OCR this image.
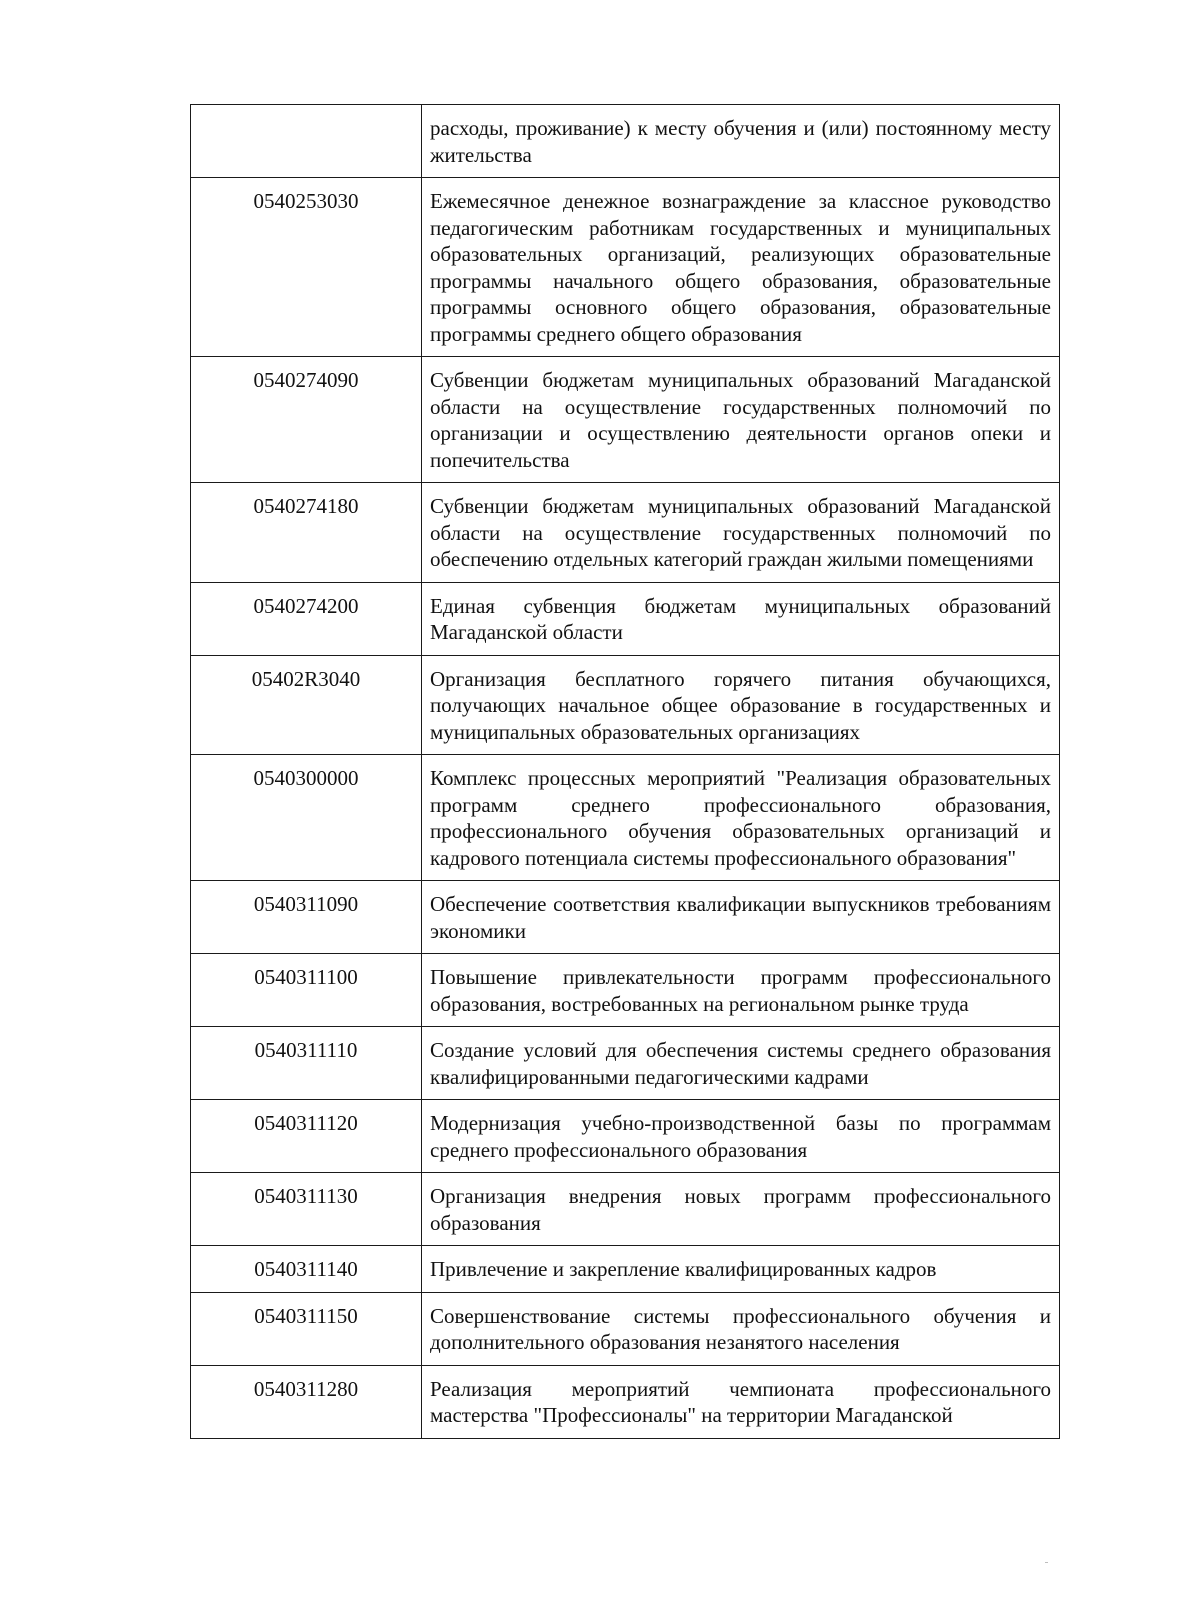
	расходы, проживание) к месту обучения и (или) постоянному месту жительства
0540253030	Ежемесячное денежное вознаграждение за классное руководство педагогическим работникам государственных и муниципальных образовательных организаций, реализующих образовательные программы начального общего образования, образовательные программы основного общего образования, образовательные программы среднего общего образования
0540274090	Субвенции бюджетам муниципальных образований Магаданской области на осуществление государственных полномочий по организации и осуществлению деятельности органов опеки и попечительства
0540274180	Субвенции бюджетам муниципальных образований Магаданской области на осуществление государственных полномочий по обеспечению отдельных категорий граждан жилыми помещениями
0540274200	Единая субвенция бюджетам муниципальных образований Магаданской области
05402R3040	Организация бесплатного горячего питания обучающихся, получающих начальное общее образование в государственных и муниципальных образовательных организациях
0540300000	Комплекс процессных мероприятий "Реализация образовательных программ среднего профессионального образования, профессионального обучения образовательных организаций и кадрового потенциала системы профессионального образования"
0540311090	Обеспечение соответствия квалификации выпускников требованиям экономики
0540311100	Повышение привлекательности программ профессионального образования, востребованных на региональном рынке труда
0540311110	Создание условий для обеспечения системы среднего образования квалифицированными педагогическими кадрами
0540311120	Модернизация учебно-производственной базы по программам среднего профессионального образования
0540311130	Организация внедрения новых программ профессионального образования
0540311140	Привлечение и закрепление квалифицированных кадров
0540311150	Совершенствование системы профессионального обучения и дополнительного образования незанятого населения
0540311280	Реализация мероприятий чемпионата профессионального мастерства "Профессионалы" на территории Магаданской
